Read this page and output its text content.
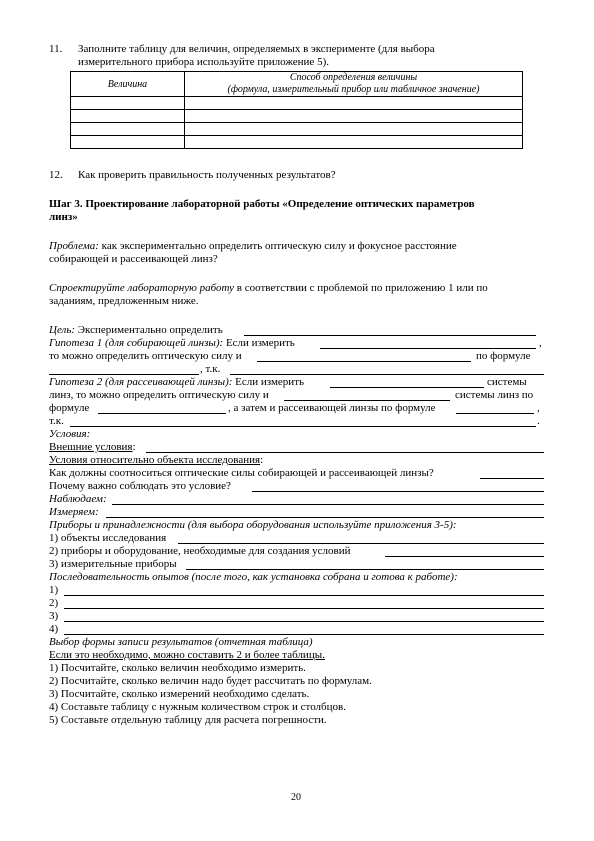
11. Заполните таблицу для величин, определяемых в эксперименте (для выбора
измерительного прибора используйте приложение 5).
Величина	Способ определения величины
(формула, измерительный прибор или табличное значение)

12. Как проверить правильность полученных результатов?
Шаг 3. Проектирование лабораторной работы «Определение оптических параметров
линз»
Проблема: как экспериментально определить оптическую силу и фокусное расстояние
собирающей и рассеивающей линз?
Спроектируйте лабораторную работу в соответствии с проблемой по приложению 1 или по
заданиям, предложенным ниже.
Цель: Экспериментально определить
Гипотеза 1 (для собирающей линзы): Если измерить	,
то можно определить оптическую силу и	по формуле
, т.к.
Гипотеза 2 (для рассеивающей линзы): Если измерить	системы
линз, то можно определить оптическую силу и	системы линз по
формуле	, а затем и рассеивающей линзы по формуле	,
т.к.	.
Условия:
Внешние условия:
Условия относительно объекта исследования:
Как должны соотноситься оптические силы собирающей и рассеивающей линзы?
Почему важно соблюдать это условие?
Наблюдаем:
Измеряем:
Приборы и принадлежности (для выбора оборудования используйте приложения 3-5):
1) объекты исследования
2) приборы и оборудование, необходимые для создания условий
3) измерительные приборы
Последовательность опытов (после того, как установка собрана и готова к работе):
1)
2)
3)
4)
Выбор формы записи результатов (отчетная таблица)
Если это необходимо, можно составить 2 и более таблицы.
1) Посчитайте, сколько величин необходимо измерить.
2) Посчитайте, сколько величин надо будет рассчитать по формулам.
3) Посчитайте, сколько измерений необходимо сделать.
4) Составьте таблицу с нужным количеством строк и столбцов.
5) Составьте отдельную таблицу для расчета погрешности.
20
